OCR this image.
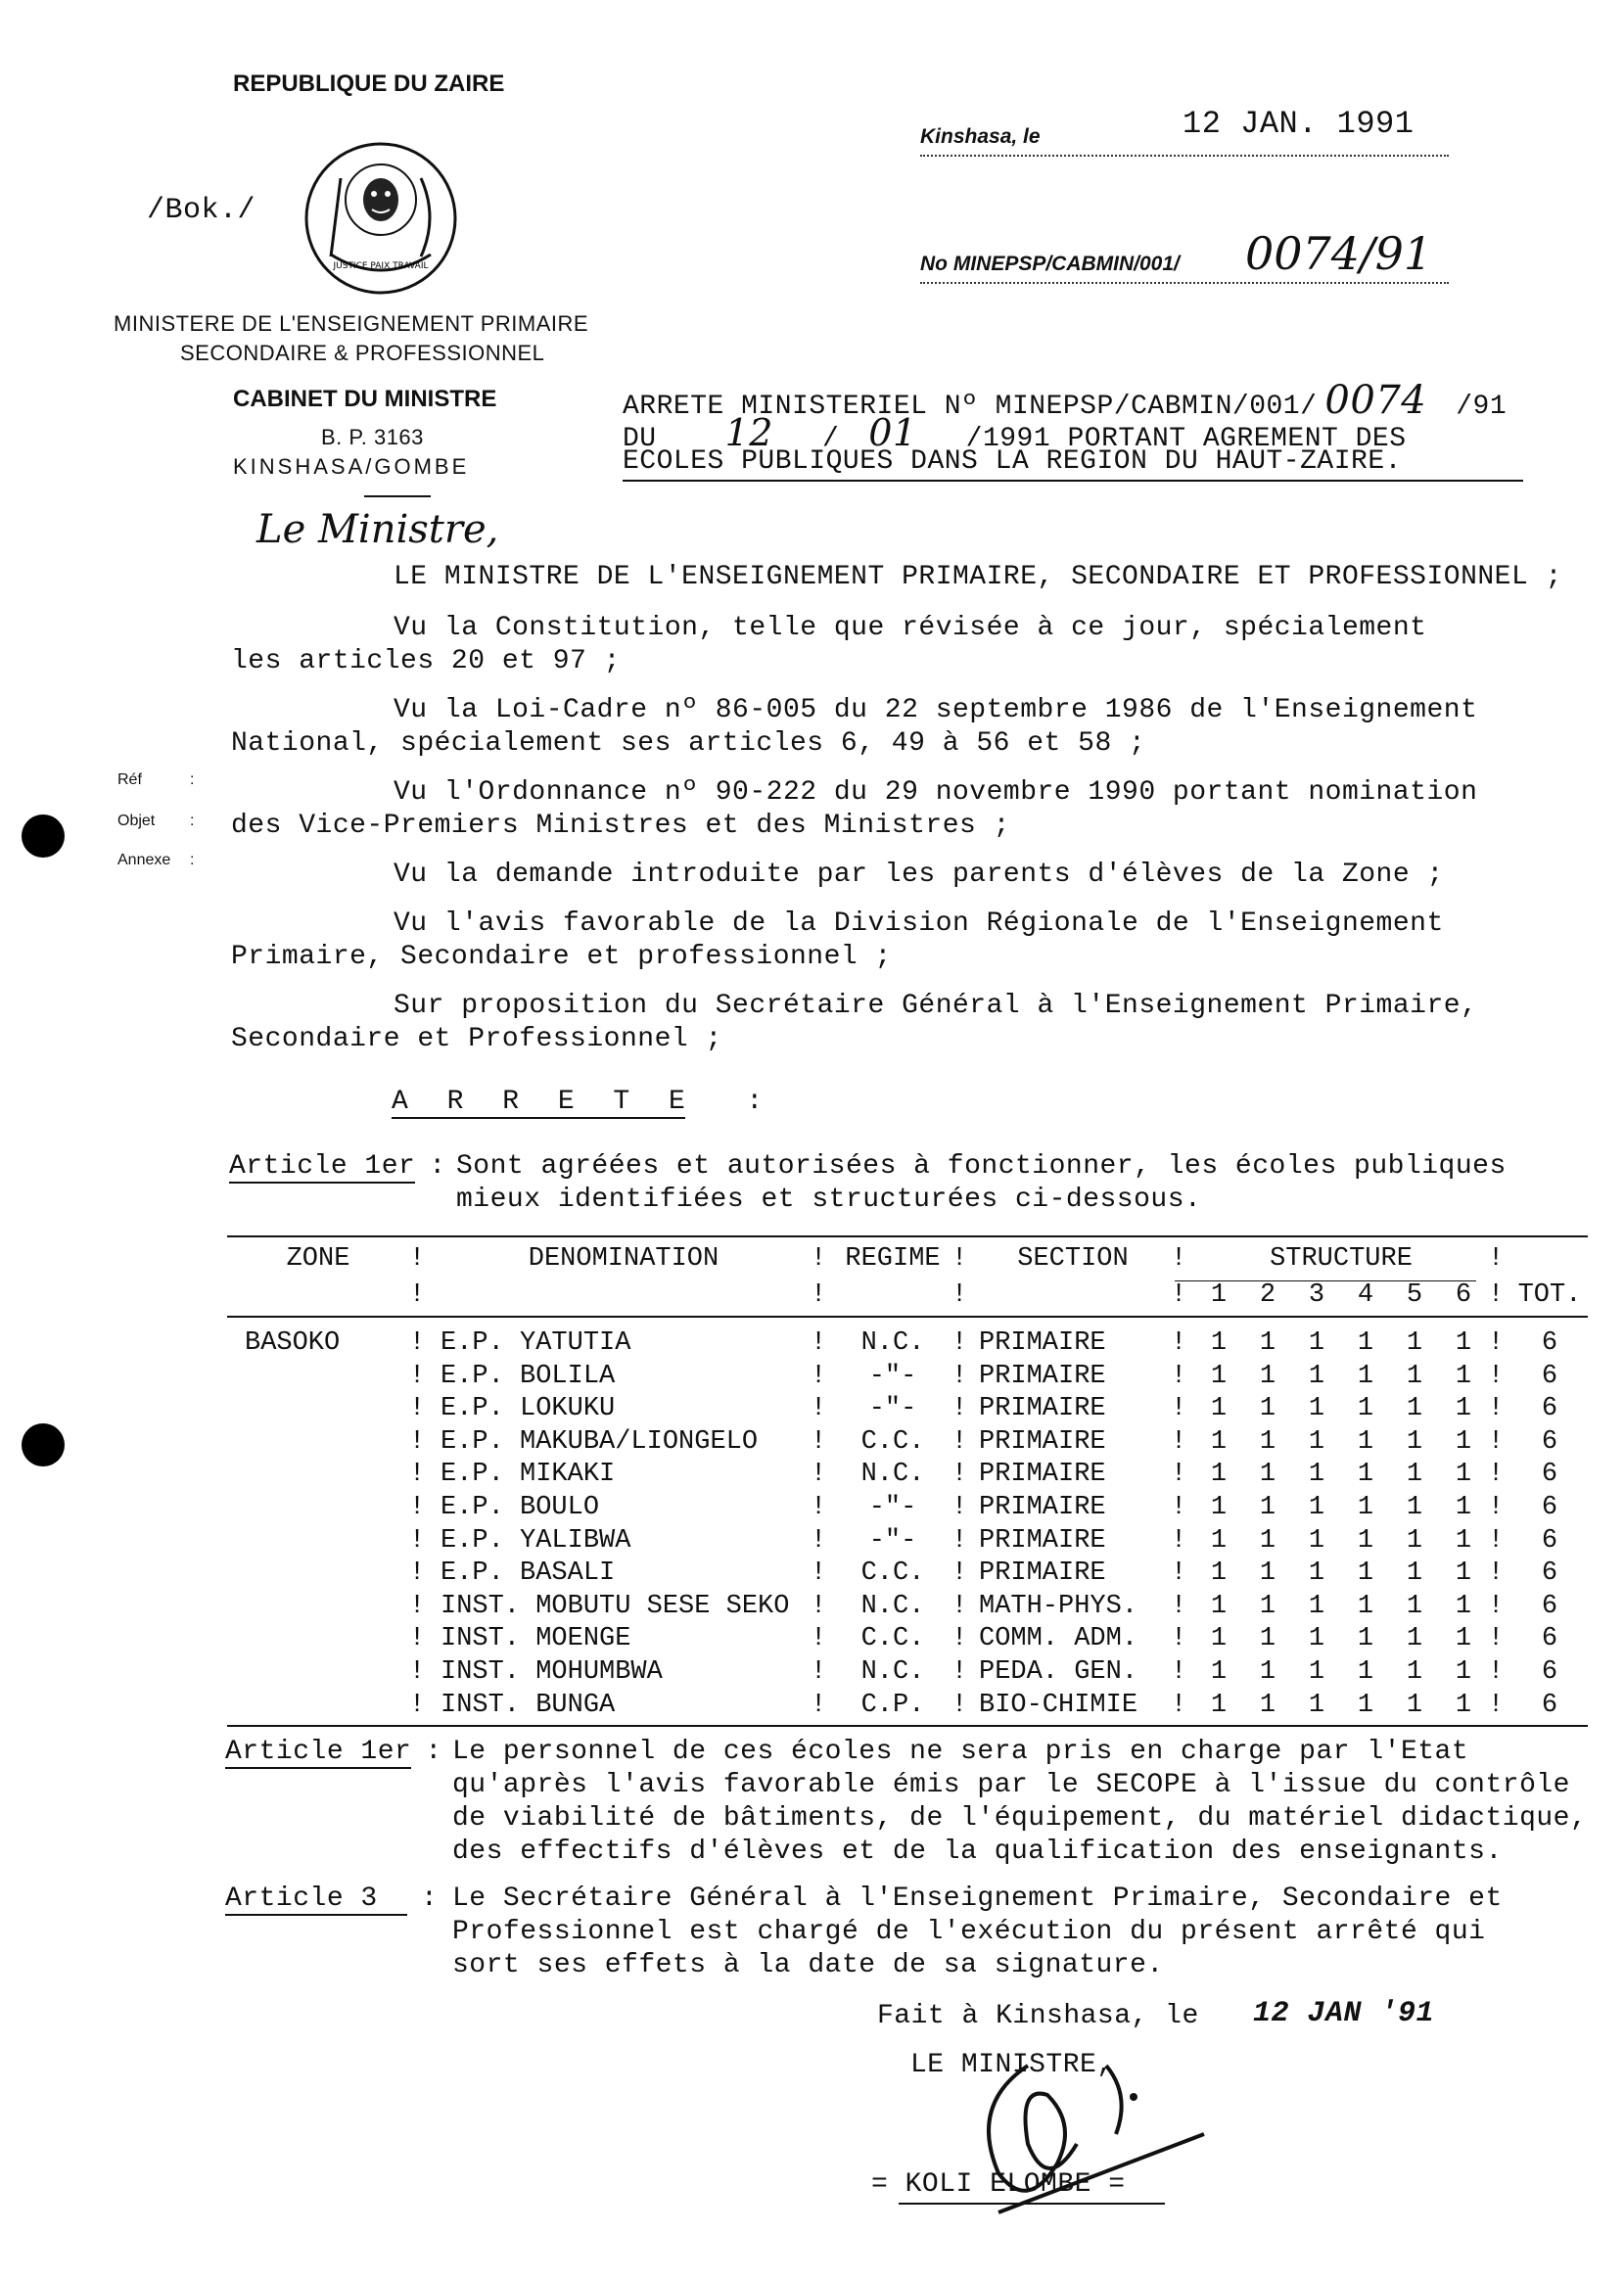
REPUBLIQUE DU ZAIRE
/Bok./
JUSTICE PAIX TRAVAIL
MINISTERE DE L'ENSEIGNEMENT PRIMAIRE
SECONDAIRE & PROFESSIONNEL
CABINET DU MINISTRE
B. P. 3163
KINSHASA/GOMBE
Kinshasa, le	12 JAN. 1991
No MINEPSP/CABMIN/001/	0074/91
ARRETE MINISTERIEL Nº MINEPSP/CABMIN/001/ 0074 /91
DU 12 / 01 /1991 PORTANT AGREMENT DES
ECOLES PUBLIQUES DANS LA REGION DU HAUT-ZAIRE.
Le Ministre,
Réf	:
Objet :
Annexe :
LE MINISTRE DE L'ENSEIGNEMENT PRIMAIRE, SECONDAIRE ET PROFESSIONNEL ;
Vu la Constitution, telle que révisée à ce jour, spécialement
les articles 20 et 97 ;
Vu la Loi-Cadre nº 86-005 du 22 septembre 1986 de l'Enseignement
National, spécialement ses articles 6, 49 à 56 et 58 ;
Vu l'Ordonnance nº 90-222 du 29 novembre 1990 portant nomination
des Vice-Premiers Ministres et des Ministres ;
Vu la demande introduite par les parents d'élèves de la Zone ;
Vu l'avis favorable de la Division Régionale de l'Enseignement
Primaire, Secondaire et professionnel ;
Sur proposition du Secrétaire Général à l'Enseignement Primaire,
Secondaire et Professionnel ;
A R R E T E :
Article 1er : Sont agréées et autorisées à fonctionner, les écoles publiques
mieux identifiées et structurées ci-dessous.
ZONE	!	DENOMINATION	!	REGIME	!	SECTION	!	STRUCTURE						!	
	!		!		!		!	1	2	3	4	5	6	!	TOT.

BASOKO	!	E.P. YATUTIA	!	N.C.	!	PRIMAIRE	!	1	1	1	1	1	1	!	6
	!	E.P. BOLILA	!	-"-	!	PRIMAIRE	!	1	1	1	1	1	1	!	6
	!	E.P. LOKUKU	!	-"-	!	PRIMAIRE	!	1	1	1	1	1	1	!	6
	!	E.P. MAKUBA/LIONGELO	!	C.C.	!	PRIMAIRE	!	1	1	1	1	1	1	!	6
	!	E.P. MIKAKI	!	N.C.	!	PRIMAIRE	!	1	1	1	1	1	1	!	6
	!	E.P. BOULO	!	-"-	!	PRIMAIRE	!	1	1	1	1	1	1	!	6
	!	E.P. YALIBWA	!	-"-	!	PRIMAIRE	!	1	1	1	1	1	1	!	6
	!	E.P. BASALI	!	C.C.	!	PRIMAIRE	!	1	1	1	1	1	1	!	6
	!	INST. MOBUTU SESE SEKO	!	N.C.	!	MATH-PHYS.	!	1	1	1	1	1	1	!	6
	!	INST. MOENGE	!	C.C.	!	COMM. ADM.	!	1	1	1	1	1	1	!	6
	!	INST. MOHUMBWA	!	N.C.	!	PEDA. GEN.	!	1	1	1	1	1	1	!	6
	!	INST. BUNGA	!	C.P.	!	BIO-CHIMIE	!	1	1	1	1	1	1	!	6
Article 1er : Le personnel de ces écoles ne sera pris en charge par l'Etat
qu'après l'avis favorable émis par le SECOPE à l'issue du contrôle
de viabilité de bâtiments, de l'équipement, du matériel didactique,
des effectifs d'élèves et de la qualification des enseignants.
Article 3 : Le Secrétaire Général à l'Enseignement Primaire, Secondaire et
Professionnel est chargé de l'exécution du présent arrêté qui
sort ses effets à la date de sa signature.
Fait à Kinshasa, le 12 JAN '91
LE MINISTRE,
= KOLI ELOMBE =
